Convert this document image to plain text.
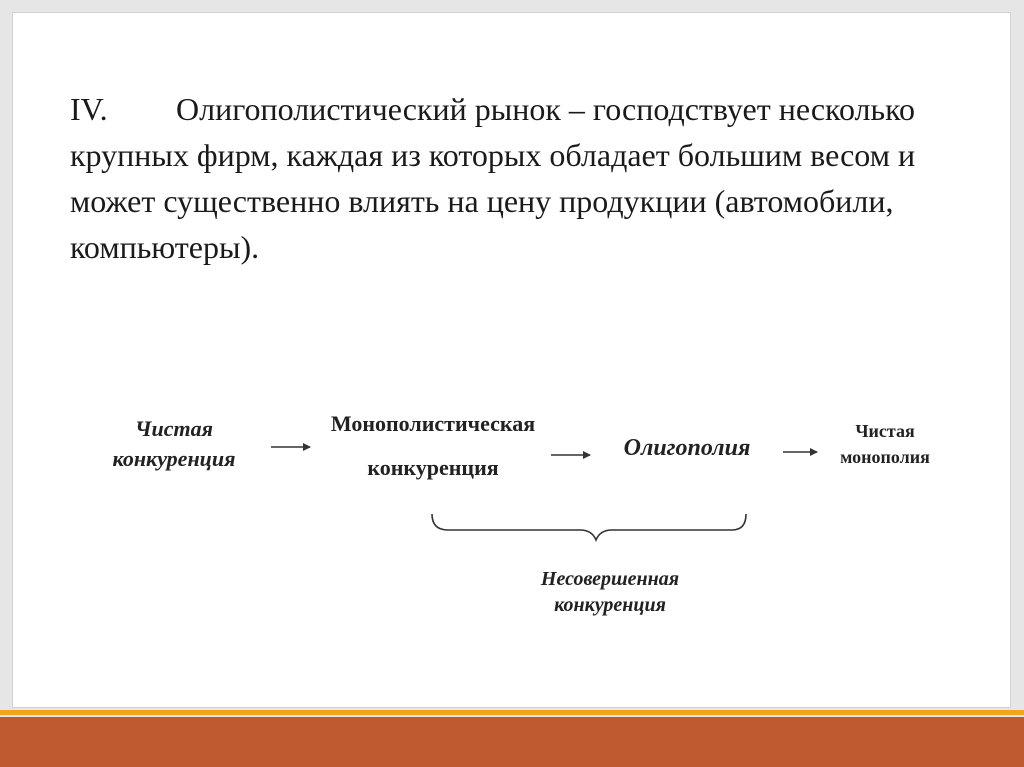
IV. Олигополистический рынок – господствует несколько крупных фирм, каждая из которых обладает большим весом и может существенно влиять на цену продукции (автомобили, компьютеры).

Чистая
конкуренция
Монополистическая
конкуренция
Олигополия
Чистая
монополия
Несовершенная
конкуренция
